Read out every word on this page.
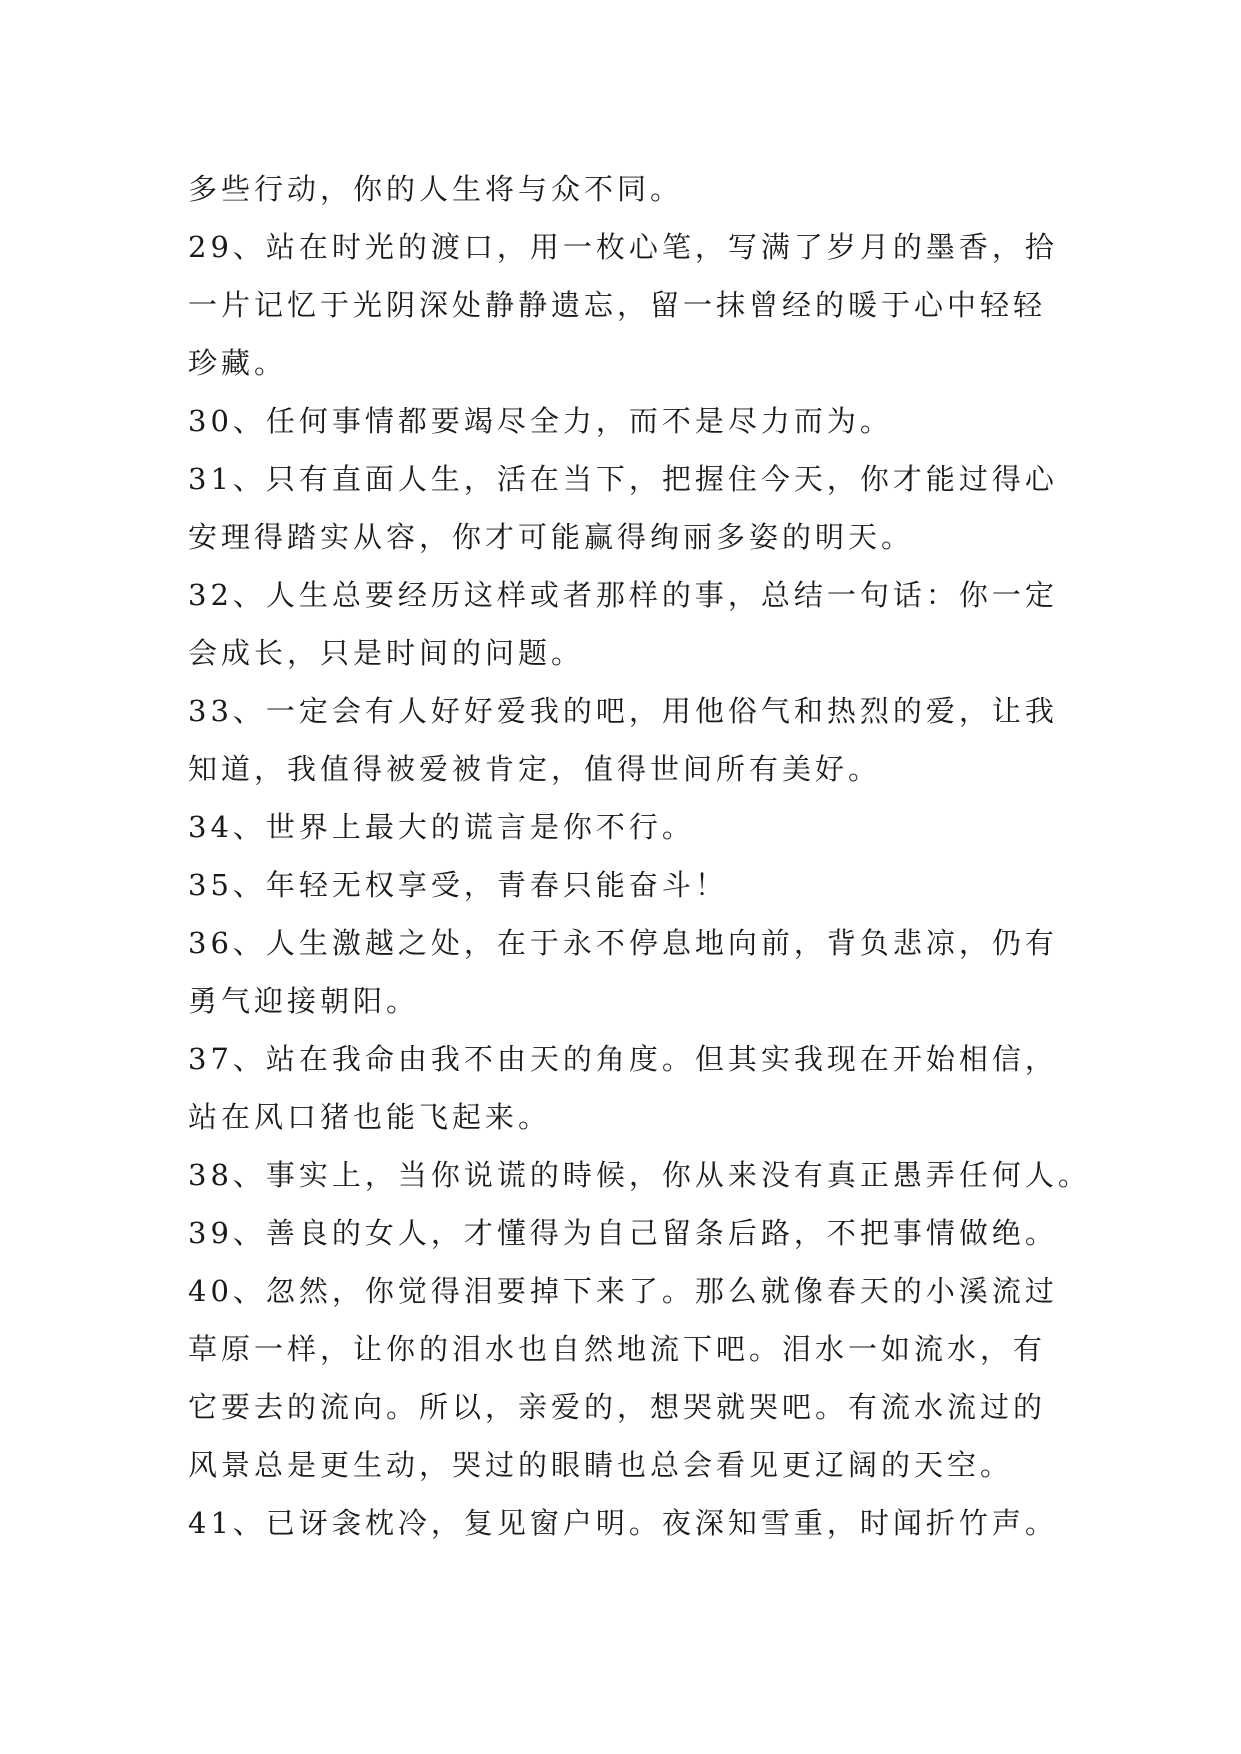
多些行动，你的人生将与众不同。
29、站在时光的渡口，用一枚心笔，写满了岁月的墨香，拾
一片记忆于光阴深处静静遗忘，留一抹曾经的暖于心中轻轻
珍藏。
30、任何事情都要竭尽全力，而不是尽力而为。
31、只有直面人生，活在当下，把握住今天，你才能过得心
安理得踏实从容，你才可能赢得绚丽多姿的明天。
32、人生总要经历这样或者那样的事，总结一句话：你一定
会成长，只是时间的问题。
33、一定会有人好好爱我的吧，用他俗气和热烈的爱，让我
知道，我值得被爱被肯定，值得世间所有美好。
34、世界上最大的谎言是你不行。
35、年轻无权享受，青春只能奋斗！
36、人生激越之处，在于永不停息地向前，背负悲凉，仍有
勇气迎接朝阳。
37、站在我命由我不由天的角度。但其实我现在开始相信，
站在风口猪也能飞起来。
38、事实上，当你说谎的時候，你从来没有真正愚弄任何人。
39、善良的女人，才懂得为自己留条后路，不把事情做绝。
40、忽然，你觉得泪要掉下来了。那么就像春天的小溪流过
草原一样，让你的泪水也自然地流下吧。泪水一如流水，有
它要去的流向。所以，亲爱的，想哭就哭吧。有流水流过的
风景总是更生动，哭过的眼睛也总会看见更辽阔的天空。
41、已讶衾枕冷，复见窗户明。夜深知雪重，时闻折竹声。
